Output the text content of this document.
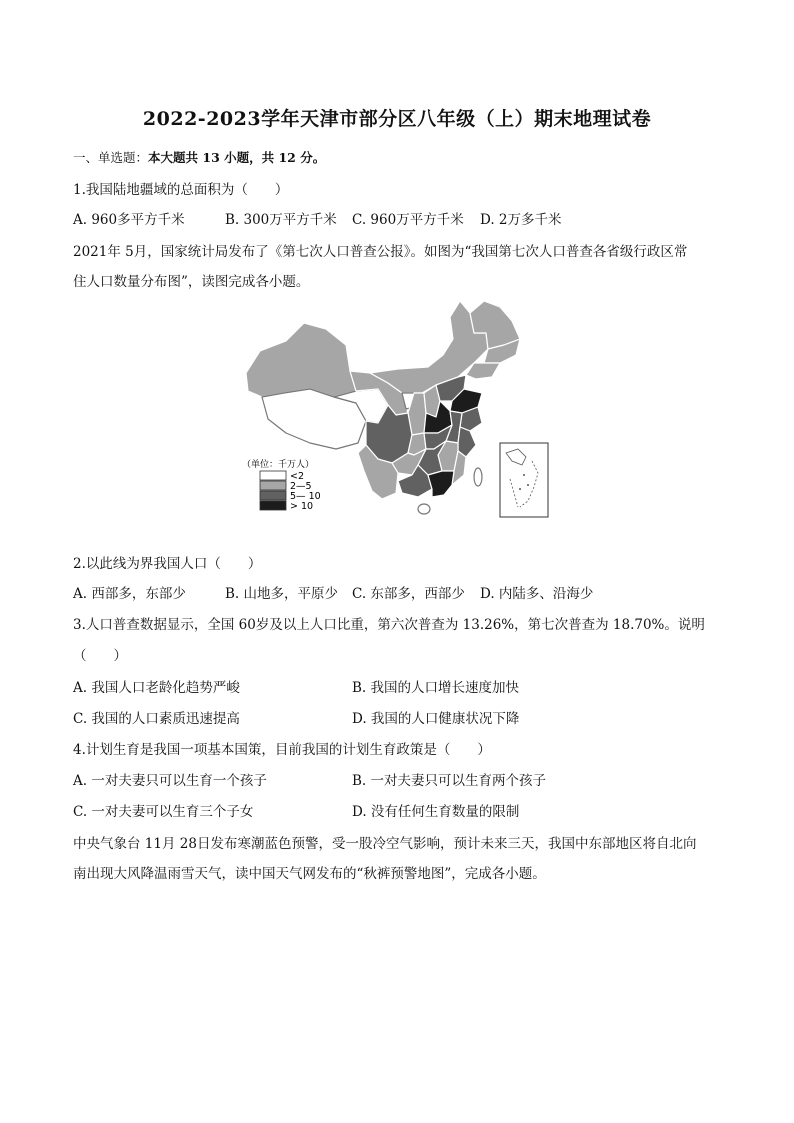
2022-2023学年天津市部分区八年级（上）期末地理试卷
一、单选题：本大题共 13 小题，共 12 分。
1.我国陆地疆域的总面积为（　　）
A. 960多平方千米	B. 300万平方千米 C. 960万平方千米 D. 2万多千米
2021年 5月，国家统计局发布了《第七次人口普查公报》。如图为“我国第七次人口普查各省级行政区常
住人口数量分布图”，读图完成各小题。
（单位：千万人）
<2
2—5
5— 10
> 10
2.以此线为界我国人口（　　）
A. 西部多，东部少	B. 山地多，平原少 C. 东部多，西部少 D. 内陆多、沿海少
3.人口普查数据显示，全国 60岁及以上人口比重，第六次普查为 13.26%，第七次普查为 18.70%。说明
（　　）
A. 我国人口老龄化趋势严峻	B. 我国的人口增长速度加快
C. 我国的人口素质迅速提高	D. 我国的人口健康状况下降
4.计划生育是我国一项基本国策，目前我国的计划生育政策是（　　）
A. 一对夫妻只可以生育一个孩子	B. 一对夫妻只可以生育两个孩子
C. 一对夫妻可以生育三个子女	D. 没有任何生育数量的限制
中央气象台 11月 28日发布寒潮蓝色预警，受一股冷空气影响，预计未来三天，我国中东部地区将自北向
南出现大风降温雨雪天气，读中国天气网发布的“秋裤预警地图”，完成各小题。
